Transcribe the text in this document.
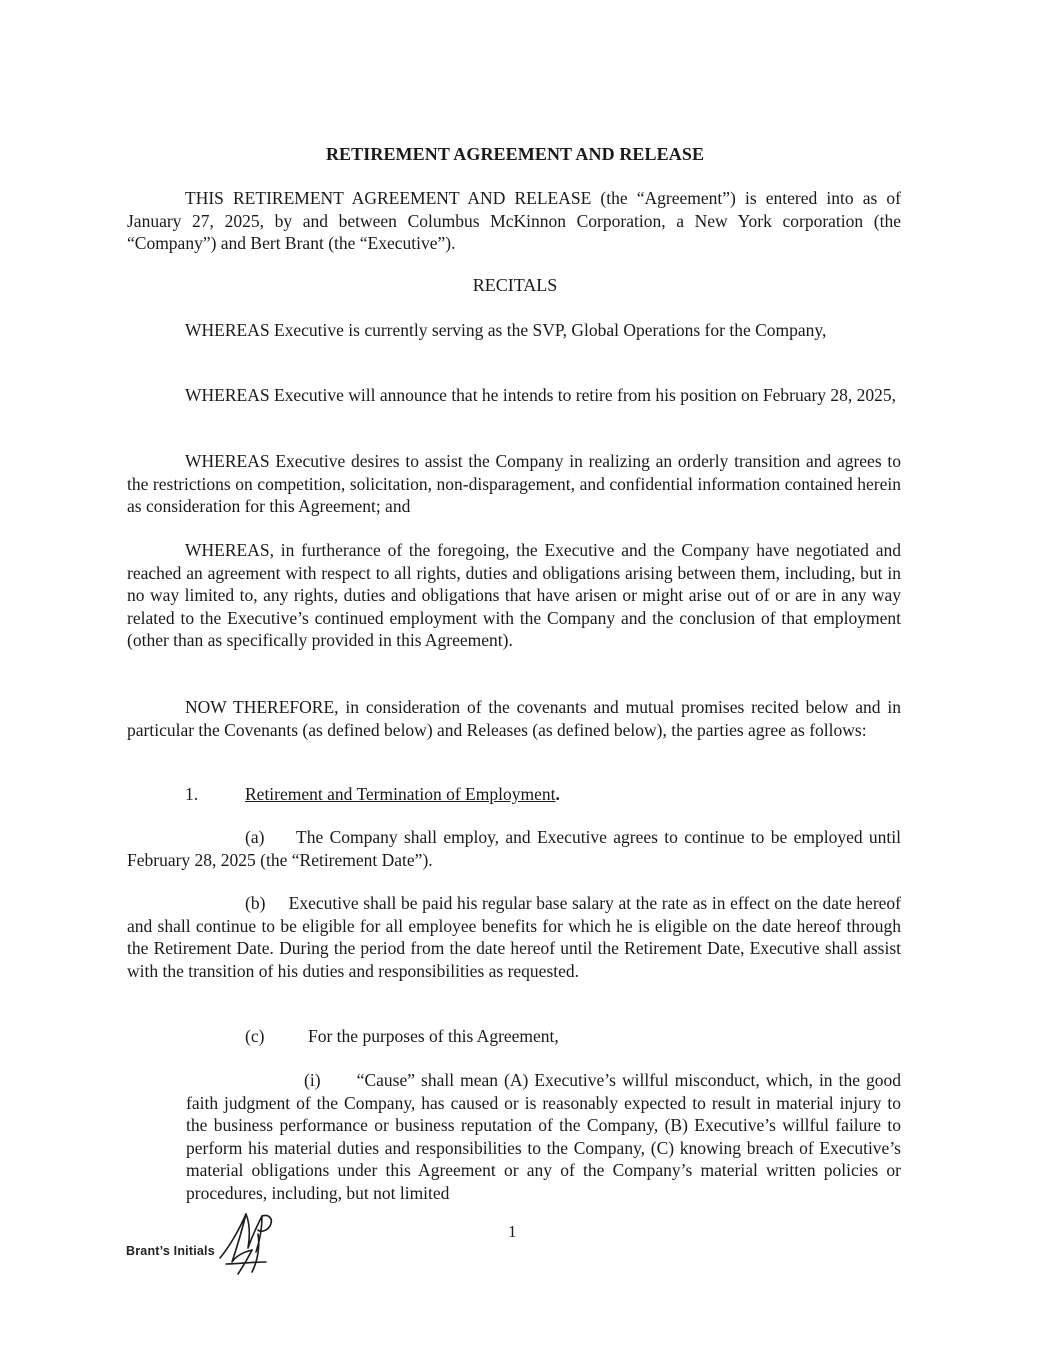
RETIREMENT AGREEMENT AND RELEASE

THIS RETIREMENT AGREEMENT AND RELEASE (the “Agreement”) is entered into as of January 27, 2025, by and between Columbus McKinnon Corporation, a New York corporation (the “Company”) and Bert Brant (the “Executive”).

RECITALS

WHEREAS Executive is currently serving as the SVP, Global Operations for the Company,

WHEREAS Executive will announce that he intends to retire from his position on February 28, 2025,

WHEREAS Executive desires to assist the Company in realizing an orderly transition and agrees to the restrictions on competition, solicitation, non-disparagement, and confidential information contained herein as consideration for this Agreement; and

WHEREAS, in furtherance of the foregoing, the Executive and the Company have negotiated and reached an agreement with respect to all rights, duties and obligations arising between them, including, but in no way limited to, any rights, duties and obligations that have arisen or might arise out of or are in any way related to the Executive’s continued employment with the Company and the conclusion of that employment (other than as specifically provided in this Agreement).

NOW THEREFORE, in consideration of the covenants and mutual promises recited below and in particular the Covenants (as defined below) and Releases (as defined below), the parties agree as follows:

1.	Retirement and Termination of Employment.

(a)     The Company shall employ, and Executive agrees to continue to be employed until February 28, 2025 (the “Retirement Date”).

(b)     Executive shall be paid his regular base salary at the rate as in effect on the date hereof and shall continue to be eligible for all employee benefits for which he is eligible on the date hereof through the Retirement Date. During the period from the date hereof until the Retirement Date, Executive shall assist with the transition of his duties and responsibilities as requested.

(c) For the purposes of this Agreement,

(i)      “Cause” shall mean (A) Executive’s willful misconduct, which, in the good faith judgment of the Company, has caused or is reasonably expected to result in material injury to the business performance or business reputation of the Company, (B) Executive’s willful failure to perform his material duties and responsibilities to the Company, (C) knowing breach of Executive’s material obligations under this Agreement or any of the Company’s material written policies or procedures, including, but not limited

1
Brant’s Initials
